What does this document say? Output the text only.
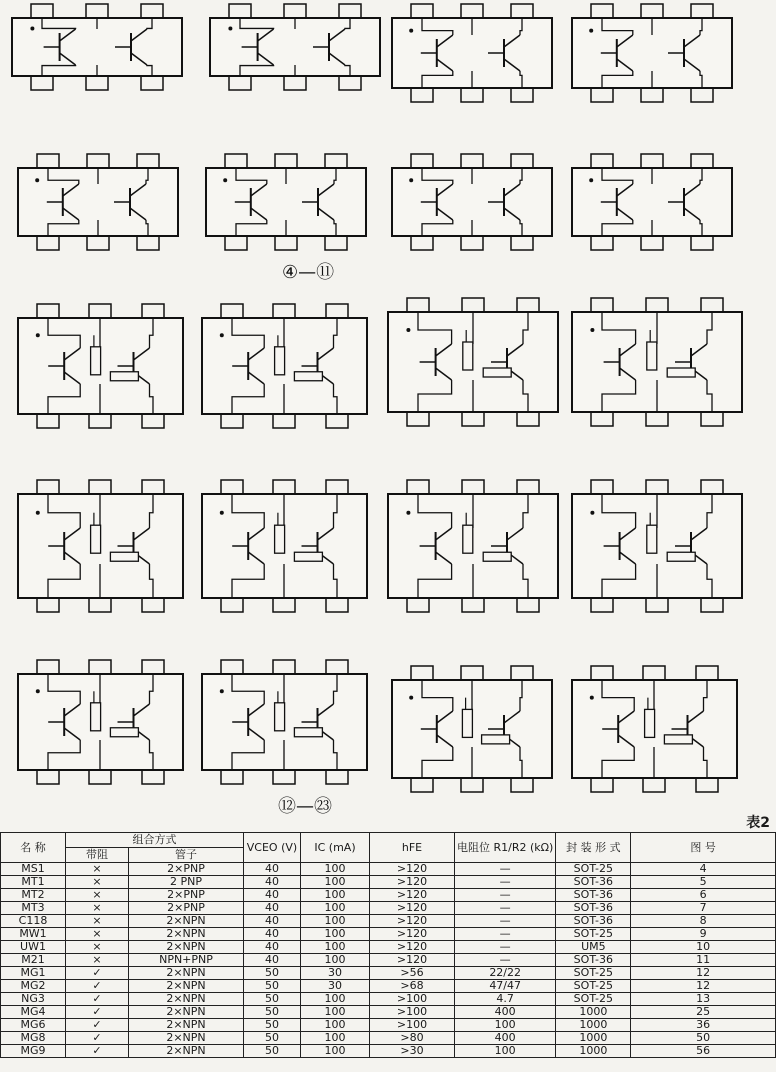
④—⑪
⑫—㉓
表2
名 称	组合方式		VCEO (V)	IC (mA)	hFE	电阻位 R1/R2 (kΩ)	封 装 形 式	图 号
	带阻	管子						
MS1	×	2×PNP	40	100	>120	—	SOT-25	4
MT1	×	2 PNP	40	100	>120	—	SOT-36	5
MT2	×	2×PNP	40	100	>120	—	SOT-36	6
MT3	×	2×PNP	40	100	>120	—	SOT-36	7
C118	×	2×NPN	40	100	>120	—	SOT-36	8
MW1	×	2×NPN	40	100	>120	—	SOT-25	9
UW1	×	2×NPN	40	100	>120	—	UM5	10
M21	×	NPN+PNP	40	100	>120	—	SOT-36	11
MG1	✓	2×NPN	50	30	>56	22/22	SOT-25	12
MG2	✓	2×NPN	50	30	>68	47/47	SOT-25	12
NG3	✓	2×NPN	50	100	>100	4.7	SOT-25	13
MG4	✓	2×NPN	50	100	>100	400	1000	25
MG6	✓	2×NPN	50	100	>100	100	1000	36
MG8	✓	2×NPN	50	100	>80	400	1000	50
MG9	✓	2×NPN	50	100	>30	100	1000	56
